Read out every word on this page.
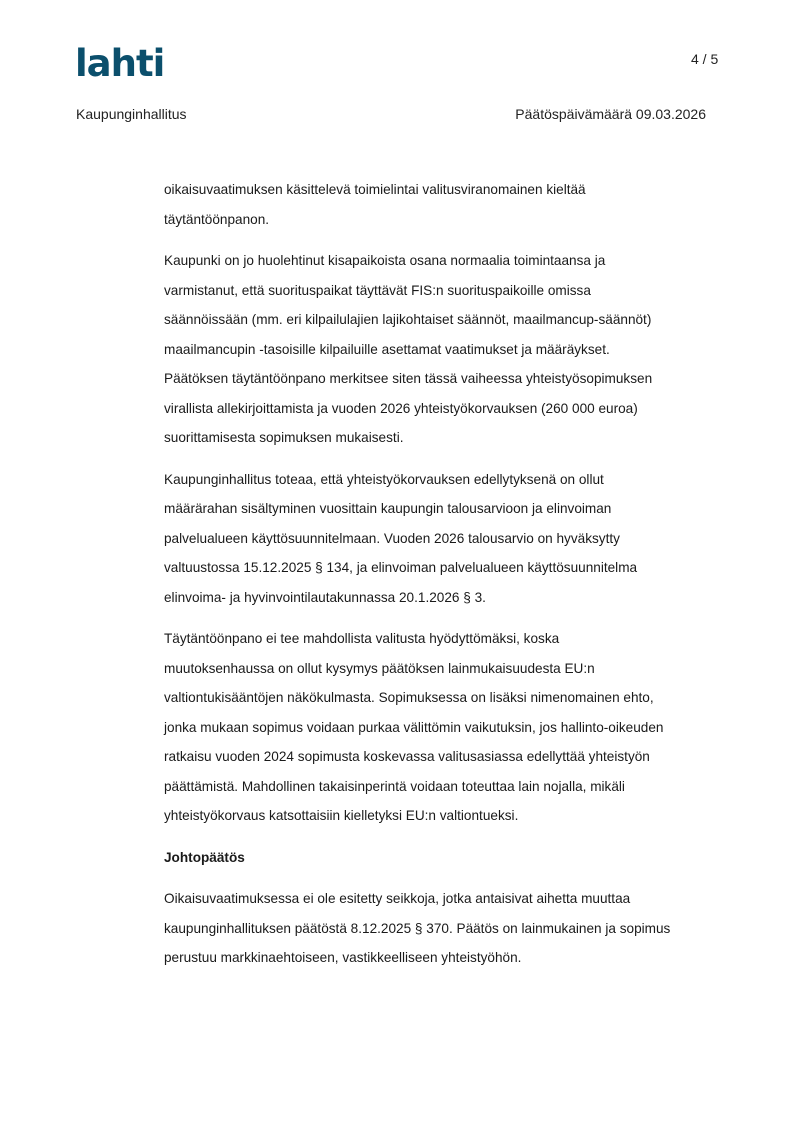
lahti	4 / 5
Kaupunginhallitus	Päätöspäivämäärä 09.03.2026

oikaisuvaatimuksen käsittelevä toimielintai valitusviranomainen kieltää
täytäntöönpanon.

Kaupunki on jo huolehtinut kisapaikoista osana normaalia toimintaansa ja
varmistanut, että suorituspaikat täyttävät FIS:n suorituspaikoille omissa
säännöissään (mm. eri kilpailulajien lajikohtaiset säännöt, maailmancup-säännöt)
maailmancupin -tasoisille kilpailuille asettamat vaatimukset ja määräykset.
Päätöksen täytäntöönpano merkitsee siten tässä vaiheessa yhteistyösopimuksen
virallista allekirjoittamista ja vuoden 2026 yhteistyökorvauksen (260 000 euroa)
suorittamisesta sopimuksen mukaisesti.

Kaupunginhallitus toteaa, että yhteistyökorvauksen edellytyksenä on ollut
määrärahan sisältyminen vuosittain kaupungin talousarvioon ja elinvoiman
palvelualueen käyttösuunnitelmaan. Vuoden 2026 talousarvio on hyväksytty
valtuustossa 15.12.2025 § 134, ja elinvoiman palvelualueen käyttösuunnitelma
elinvoima- ja hyvinvointilautakunnassa 20.1.2026 § 3.

Täytäntöönpano ei tee mahdollista valitusta hyödyttömäksi, koska
muutoksenhaussa on ollut kysymys päätöksen lainmukaisuudesta EU:n
valtiontukisääntöjen näkökulmasta. Sopimuksessa on lisäksi nimenomainen ehto,
jonka mukaan sopimus voidaan purkaa välittömin vaikutuksin, jos hallinto-oikeuden
ratkaisu vuoden 2024 sopimusta koskevassa valitusasiassa edellyttää yhteistyön
päättämistä. Mahdollinen takaisinperintä voidaan toteuttaa lain nojalla, mikäli
yhteistyökorvaus katsottaisiin kielletyksi EU:n valtiontueksi.

Johtopäätös

Oikaisuvaatimuksessa ei ole esitetty seikkoja, jotka antaisivat aihetta muuttaa
kaupunginhallituksen päätöstä 8.12.2025 § 370. Päätös on lainmukainen ja sopimus
perustuu markkinaehtoiseen, vastikkeelliseen yhteistyöhön.
